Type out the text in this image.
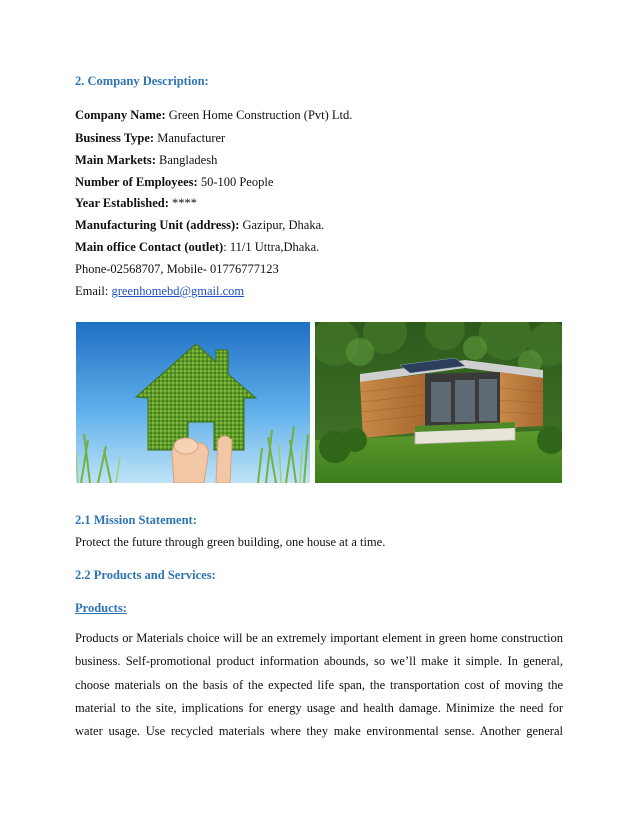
2. Company Description:
Company Name: Green Home Construction (Pvt) Ltd.
Business Type: Manufacturer
Main Markets: Bangladesh
Number of Employees: 50-100 People
Year Established: ****
Manufacturing Unit (address): Gazipur, Dhaka.
Main office Contact (outlet): 11/1 Uttra,Dhaka.
Phone-02568707, Mobile- 01776777123
Email: greenhomebd@gmail.com
2.1 Mission Statement:
Protect the future through green building, one house at a time.
2.2 Products and Services:
Products:
Products or Materials choice will be an extremely important element in green home construction
business. Self-promotional product information abounds, so we’ll make it simple. In general,
choose materials on the basis of the expected life span, the transportation cost of moving the
material to the site, implications for energy usage and health damage. Minimize the need for
water usage. Use recycled materials where they make environmental sense. Another general
